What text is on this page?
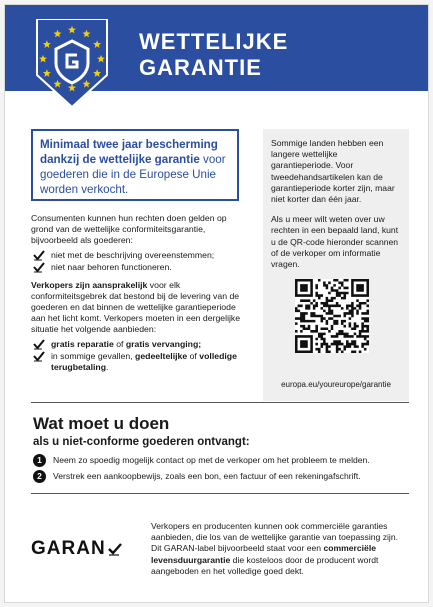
WETTELIJKE
GARANTIE
Minimaal twee jaar bescherming dankzij de wettelijke garantie voor goederen die in de Europese Unie worden verkocht.

Consumenten kunnen hun rechten doen gelden op grond van de wettelijke conformiteitsgarantie, bijvoorbeeld als goederen:

niet met de beschrijving overeenstemmen;
niet naar behoren functioneren.

Verkopers zijn aansprakelijk voor elk conformiteitsgebrek dat bestond bij de levering van de goederen en dat binnen de wettelijke garantieperiode aan het licht komt. Verkopers moeten in een dergelijke situatie het volgende aanbieden:

gratis reparatie of gratis vervanging;
in sommige gevallen, gedeeltelijke of volledige terugbetaling.

Sommige landen hebben een langere wettelijke garantieperiode. Voor tweedehandsartikelen kan de garantieperiode korter zijn, maar niet korter dan één jaar.

Als u meer wilt weten over uw rechten in een bepaald land, kunt u de QR-code hieronder scannen of de verkoper om informatie vragen.

europa.eu/youreurope/garantie
Wat moet u doen
als u niet-conforme goederen ontvangt:
1	Neem zo spoedig mogelijk contact op met de verkoper om het probleem te melden.
2	Verstrek een aankoopbewijs, zoals een bon, een factuur of een rekeningafschrift.
GARAN
Verkopers en producenten kunnen ook commerciële garanties aanbieden, die los van de wettelijke garantie van toepassing zijn. Dit GARAN-label bijvoorbeeld staat voor een commerciële levensduurgarantie die kosteloos door de producent wordt aangeboden en het volledige goed dekt.
